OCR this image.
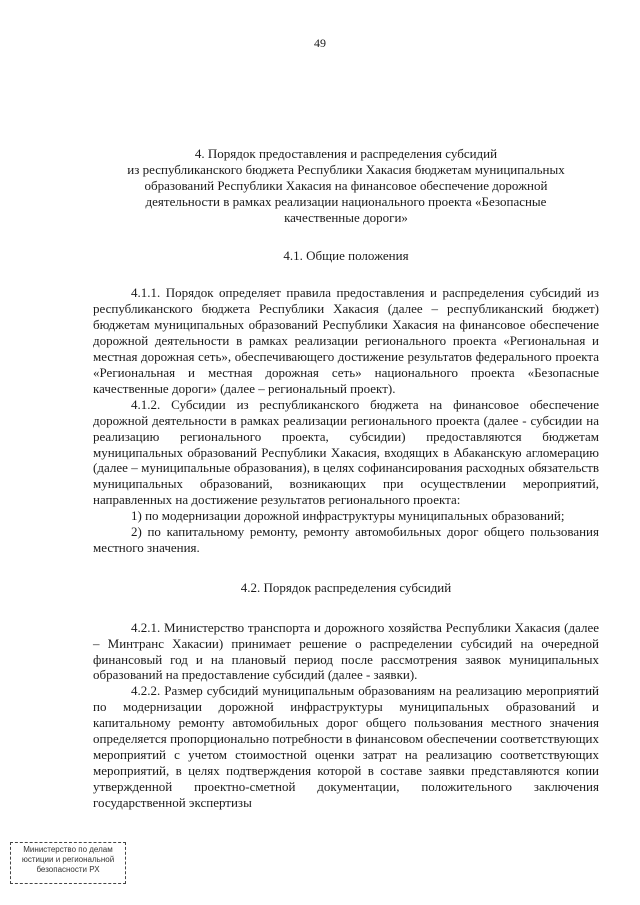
49
4. Порядок предоставления и распределения субсидий
из республиканского бюджета Республики Хакасия бюджетам муниципальных
образований Республики Хакасия на финансовое обеспечение дорожной
деятельности в рамках реализации национального проекта «Безопасные
качественные дороги»
4.1. Общие положения

4.1.1. Порядок определяет правила предоставления и распределения субсидий из республиканского бюджета Республики Хакасия (далее – республиканский бюджет) бюджетам муниципальных образований Республики Хакасия на финансовое обеспечение дорожной деятельности в рамках реализации регионального проекта «Региональная и местная дорожная сеть», обеспечивающего достижение результатов федерального проекта «Региональная и местная дорожная сеть» национального проекта «Безопасные качественные дороги» (далее – региональный проект).

4.1.2. Субсидии из республиканского бюджета на финансовое обеспечение дорожной деятельности в рамках реализации регионального проекта (далее - субсидии на реализацию регионального проекта, субсидии) предоставляются бюджетам муниципальных образований Республики Хакасия, входящих в Абаканскую агломерацию (далее – муниципальные образования), в целях софинансирования расходных обязательств муниципальных образований, возникающих при осуществлении мероприятий, направленных на достижение результатов регионального проекта:

1) по модернизации дорожной инфраструктуры муниципальных образований;

2) по капитальному ремонту, ремонту автомобильных дорог общего пользования местного значения.

4.2. Порядок распределения субсидий

4.2.1. Министерство транспорта и дорожного хозяйства Республики Хакасия (далее – Минтранс Хакасии) принимает решение о распределении субсидий на очередной финансовый год и на плановый период после рассмотрения заявок муниципальных образований на предоставление субсидий (далее - заявки).

4.2.2. Размер субсидий муниципальным образованиям на реализацию мероприятий по модернизации дорожной инфраструктуры муниципальных образований и капитальному ремонту автомобильных дорог общего пользования местного значения определяется пропорционально потребности в финансовом обеспечении соответствующих мероприятий с учетом стоимостной оценки затрат на реализацию соответствующих мероприятий, в целях подтверждения которой в составе заявки представляются копии утвержденной проектно-сметной документации, положительного заключения государственной экспертизы

Министерство по делам
юстиции и региональной
безопасности РХ
